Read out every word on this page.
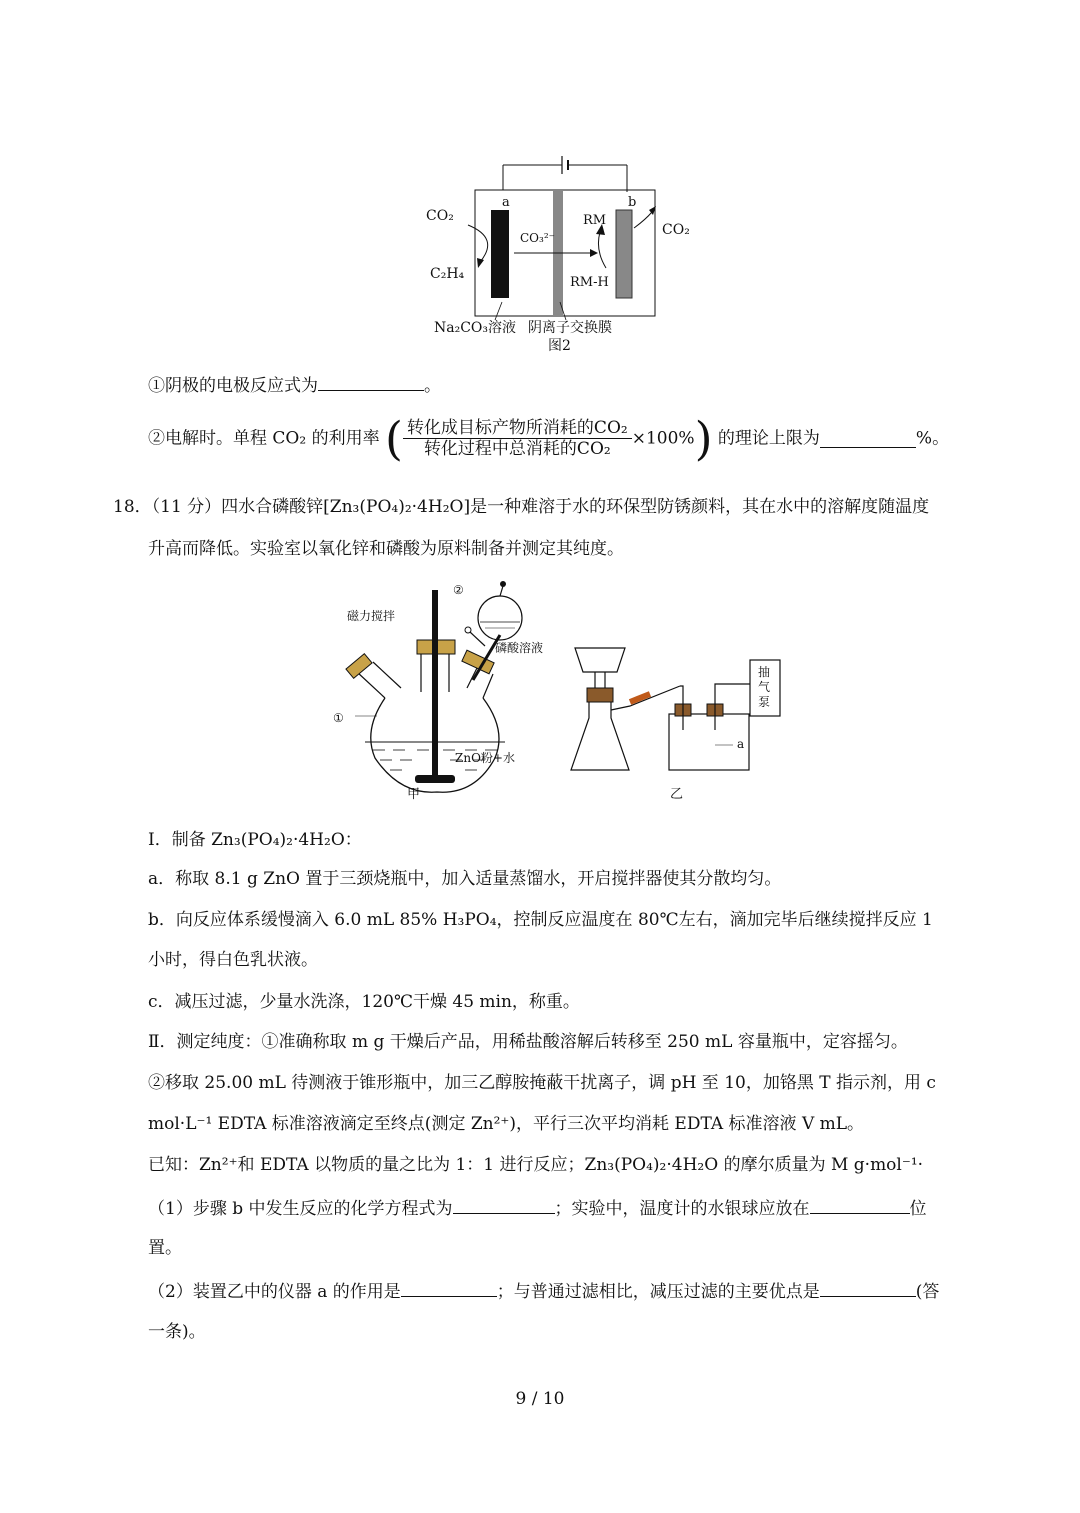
CO₂
C₂H₄
a	b
CO₃²⁻
RM
RM-H
CO₂
Na₂CO₃溶液 阴离子交换膜
图2
①阴极的电极反应式为	。
②电解时。单程 CO₂ 的利用率 ( $\frac{\text{转化成目标产物所消耗的CO₂}}{\text{转化过程中总消耗的CO₂}} \times 100\%$) 的理论上限为	%。
18．（11 分）四水合磷酸锌[Zn₃(PO₄)₂·4H₂O]是一种难溶于水的环保型防锈颜料，其在水中的溶解度随温度
升高而降低。实验室以氧化锌和磷酸为原料制备并测定其纯度。
磁力搅拌
②
磷酸溶液
①
ZnO粉+水
甲
抽气泵
a
乙
Ⅰ．制备 Zn₃(PO₄)₂·4H₂O：
a．称取 8.1 g ZnO 置于三颈烧瓶中，加入适量蒸馏水，开启搅拌器使其分散均匀。
b．向反应体系缓慢滴入 6.0 mL 85% H₃PO₄，控制反应温度在 80℃左右，滴加完毕后继续搅拌反应 1
小时，得白色乳状液。
c．减压过滤，少量水洗涤，120℃干燥 45 min，称重。
Ⅱ．测定纯度：①准确称取 m g 干燥后产品，用稀盐酸溶解后转移至 250 mL 容量瓶中，定容摇匀。
②移取 25.00 mL 待测液于锥形瓶中，加三乙醇胺掩蔽干扰离子，调 pH 至 10，加铬黑 T 指示剂，用 c
mol·L⁻¹ EDTA 标准溶液滴定至终点(测定 Zn²⁺)，平行三次平均消耗 EDTA 标准溶液 V mL。
已知：Zn²⁺和 EDTA 以物质的量之比为 1：1 进行反应；Zn₃(PO₄)₂·4H₂O 的摩尔质量为 M g·mol⁻¹·
（1）步骤 b 中发生反应的化学方程式为	；实验中，温度计的水银球应放在	位
置。
（2）装置乙中的仪器 a 的作用是	；与普通过滤相比，减压过滤的主要优点是	(答
一条)。
9 / 10
